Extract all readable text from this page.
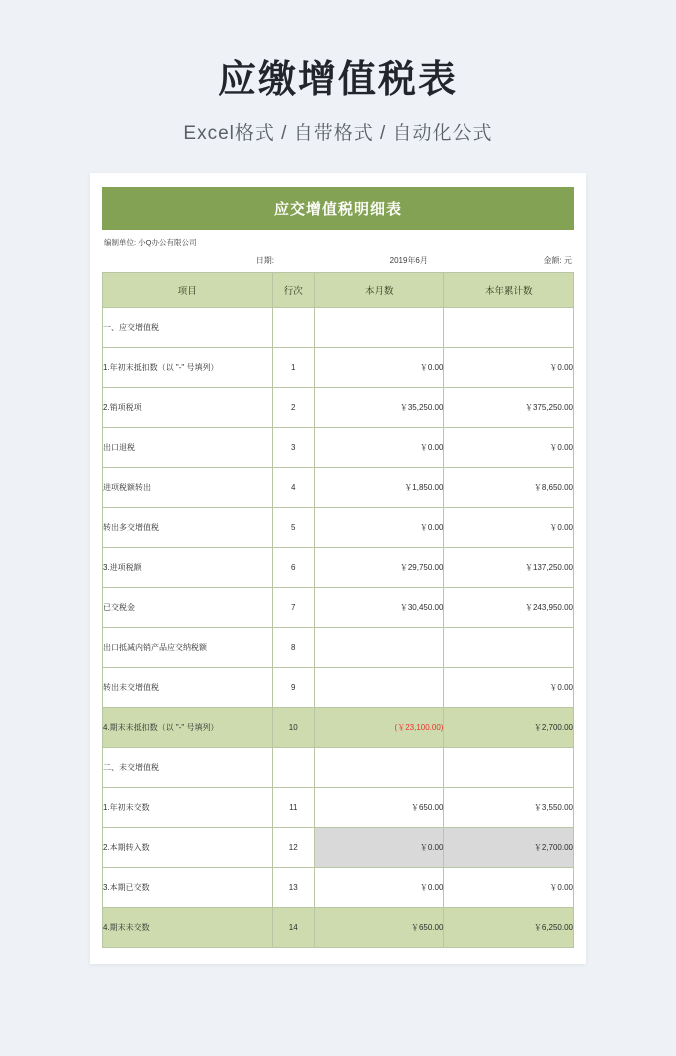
应缴增值税表
Excel格式 / 自带格式 / 自动化公式
应交增值税明细表
编制单位: 小Q办公有限公司
日期:	2019年6月	金额: 元
项目	行次	本月数	本年累计数
一、应交增值税			
1.年初末抵扣数（以 "-" 号填列）	1	￥0.00	￥0.00
2.销项税项	2	￥35,250.00	￥375,250.00
出口退税	3	￥0.00	￥0.00
进项税额转出	4	￥1,850.00	￥8,650.00
转出多交增值税	5	￥0.00	￥0.00
3.进项税额	6	￥29,750.00	￥137,250.00
已交税金	7	￥30,450.00	￥243,950.00
出口抵减内销产品应交纳税额	8		
转出未交增值税	9		￥0.00
4.期末未抵扣数（以 "-" 号填列）	10	(￥23,100.00)	￥2,700.00
二、未交增值税			
1.年初未交数	11	￥650.00	￥3,550.00
2.本期转入数	12	￥0.00	￥2,700.00
3.本期已交数	13	￥0.00	￥0.00
4.期末未交数	14	￥650.00	￥6,250.00
